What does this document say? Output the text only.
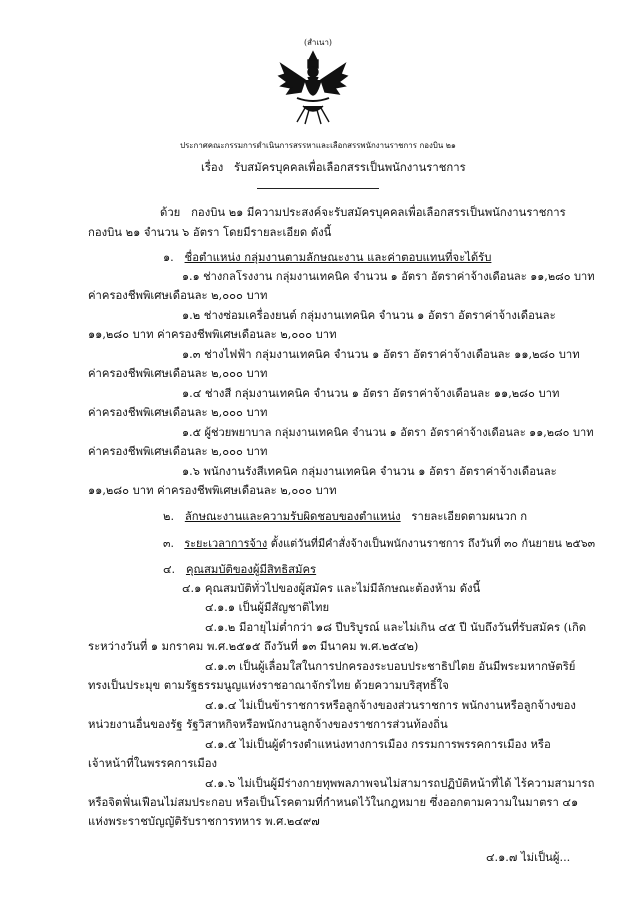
(สำเนา)
ประกาศคณะกรรมการดำเนินการสรรหาและเลือกสรรพนักงานราชการ กองบิน ๒๑
เรื่อง รับสมัครบุคคลเพื่อเลือกสรรเป็นพนักงานราชการ
ด้วย กองบิน ๒๑ มีความประสงค์จะรับสมัครบุคคลเพื่อเลือกสรรเป็นพนักงานราชการ
กองบิน ๒๑ จำนวน ๖ อัตรา โดยมีรายละเอียด ดังนี้
๑. ชื่อตำแหน่ง กลุ่มงานตามลักษณะงาน และค่าตอบแทนที่จะได้รับ
๑.๑ ช่างกลโรงงาน กลุ่มงานเทคนิค จำนวน ๑ อัตรา อัตราค่าจ้างเดือนละ ๑๑,๒๘๐ บาท
ค่าครองชีพพิเศษเดือนละ ๒,๐๐๐ บาท
๑.๒ ช่างซ่อมเครื่องยนต์ กลุ่มงานเทคนิค จำนวน ๑ อัตรา อัตราค่าจ้างเดือนละ
๑๑,๒๘๐ บาท ค่าครองชีพพิเศษเดือนละ ๒,๐๐๐ บาท
๑.๓ ช่างไฟฟ้า กลุ่มงานเทคนิค จำนวน ๑ อัตรา อัตราค่าจ้างเดือนละ ๑๑,๒๘๐ บาท
ค่าครองชีพพิเศษเดือนละ ๒,๐๐๐ บาท
๑.๔ ช่างสี กลุ่มงานเทคนิค จำนวน ๑ อัตรา อัตราค่าจ้างเดือนละ ๑๑,๒๘๐ บาท
ค่าครองชีพพิเศษเดือนละ ๒,๐๐๐ บาท
๑.๕ ผู้ช่วยพยาบาล กลุ่มงานเทคนิค จำนวน ๑ อัตรา อัตราค่าจ้างเดือนละ ๑๑,๒๘๐ บาท
ค่าครองชีพพิเศษเดือนละ ๒,๐๐๐ บาท
๑.๖ พนักงานรังสีเทคนิค กลุ่มงานเทคนิค จำนวน ๑ อัตรา อัตราค่าจ้างเดือนละ
๑๑,๒๘๐ บาท ค่าครองชีพพิเศษเดือนละ ๒,๐๐๐ บาท
๒. ลักษณะงานและความรับผิดชอบของตำแหน่ง รายละเอียดตามผนวก ก
๓. ระยะเวลาการจ้าง ตั้งแต่วันที่มีคำสั่งจ้างเป็นพนักงานราชการ ถึงวันที่ ๓๐ กันยายน ๒๕๖๓
๔. คุณสมบัติของผู้มีสิทธิสมัคร
๔.๑ คุณสมบัติทั่วไปของผู้สมัคร และไม่มีลักษณะต้องห้าม ดังนี้
๔.๑.๑ เป็นผู้มีสัญชาติไทย
๔.๑.๒ มีอายุไม่ต่ำกว่า ๑๘ ปีบริบูรณ์ และไม่เกิน ๔๕ ปี นับถึงวันที่รับสมัคร (เกิด
ระหว่างวันที่ ๑ มกราคม พ.ศ.๒๕๑๕ ถึงวันที่ ๑๓ มีนาคม พ.ศ.๒๕๔๒)
๔.๑.๓ เป็นผู้เลื่อมใสในการปกครองระบอบประชาธิปไตย อันมีพระมหากษัตริย์
ทรงเป็นประมุข ตามรัฐธรรมนูญแห่งราชอาณาจักรไทย ด้วยความบริสุทธิ์ใจ
๔.๑.๔ ไม่เป็นข้าราชการหรือลูกจ้างของส่วนราชการ พนักงานหรือลูกจ้างของ
หน่วยงานอื่นของรัฐ รัฐวิสาหกิจหรือพนักงานลูกจ้างของราชการส่วนท้องถิ่น
๔.๑.๕ ไม่เป็นผู้ดำรงตำแหน่งทางการเมือง กรรมการพรรคการเมือง หรือ
เจ้าหน้าที่ในพรรคการเมือง
๔.๑.๖ ไม่เป็นผู้มีร่างกายทุพพลภาพจนไม่สามารถปฏิบัติหน้าที่ได้ ไร้ความสามารถ
หรือจิตฟั่นเฟือนไม่สมประกอบ หรือเป็นโรคตามที่กำหนดไว้ในกฎหมาย ซึ่งออกตามความในมาตรา ๔๑
แห่งพระราชบัญญัติรับราชการทหาร พ.ศ.๒๔๙๗
๔.๑.๗ ไม่เป็นผู้...
